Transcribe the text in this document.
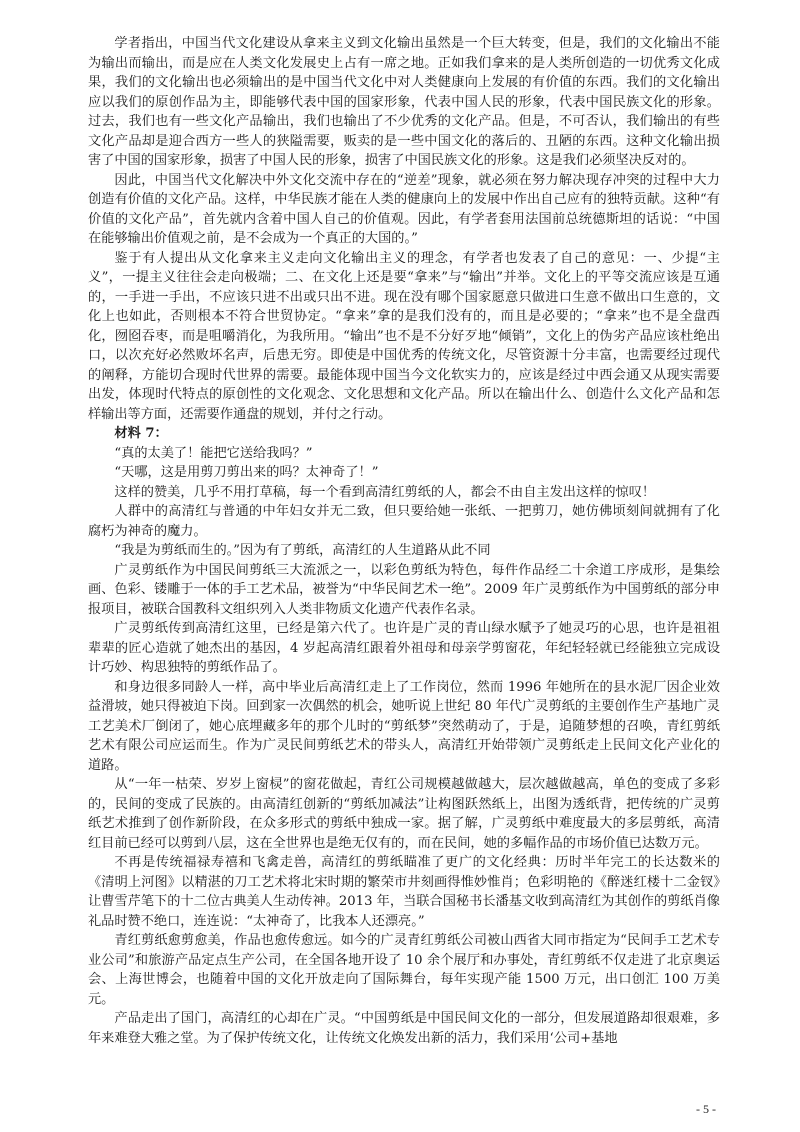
学者指出，中国当代文化建设从拿来主义到文化输出虽然是一个巨大转变，但是，我们的文化输出不能为输出而输出，而是应在人类文化发展史上占有一席之地。正如我们拿来的是人类所创造的一切优秀文化成果，我们的文化输出也必须输出的是中国当代文化中对人类健康向上发展的有价值的东西。我们的文化输出应以我们的原创作品为主，即能够代表中国的国家形象，代表中国人民的形象，代表中国民族文化的形象。过去，我们也有一些文化产品输出，我们也输出了不少优秀的文化产品。但是，不可否认，我们输出的有些文化产品却是迎合西方一些人的狭隘需要，贩卖的是一些中国文化的落后的、丑陋的东西。这种文化输出损害了中国的国家形象，损害了中国人民的形象，损害了中国民族文化的形象。这是我们必须坚决反对的。

因此，中国当代文化解决中外文化交流中存在的“逆差”现象，就必须在努力解决现存冲突的过程中大力创造有价值的文化产品。这样，中华民族才能在人类的健康向上的发展中作出自己应有的独特贡献。这种“有价值的文化产品”，首先就内含着中国人自己的价值观。因此，有学者套用法国前总统德斯坦的话说：“中国在能够输出价值观之前，是不会成为一个真正的大国的。”

鉴于有人提出从文化拿来主义走向文化输出主义的理念，有学者也发表了自己的意见：一、少提“主义”，一提主义往往会走向极端；二、在文化上还是要“拿来”与“输出”并举。文化上的平等交流应该是互通的，一手进一手出，不应该只进不出或只出不进。现在没有哪个国家愿意只做进口生意不做出口生意的，文化上也如此，否则根本不符合世贸协定。“拿来”拿的是我们没有的，而且是必要的；“拿来”也不是全盘西化，囫囵吞枣，而是咀嚼消化，为我所用。“输出”也不是不分好歹地“倾销”，文化上的伪劣产品应该杜绝出口，以次充好必然败坏名声，后患无穷。即使是中国优秀的传统文化，尽管资源十分丰富，也需要经过现代的阐释，方能切合现时代世界的需要。最能体现中国当今文化软实力的，应该是经过中西会通又从现实需要出发，体现时代特点的原创性的文化观念、文化思想和文化产品。所以在输出什么、创造什么文化产品和怎样输出等方面，还需要作通盘的规划，并付之行动。

材料 7：

“真的太美了！能把它送给我吗？”

“天哪，这是用剪刀剪出来的吗？太神奇了！”

这样的赞美，几乎不用打草稿，每一个看到高清红剪纸的人，都会不由自主发出这样的惊叹！

人群中的高清红与普通的中年妇女并无二致，但只要给她一张纸、一把剪刀，她仿佛顷刻间就拥有了化腐朽为神奇的魔力。

“我是为剪纸而生的。”因为有了剪纸，高清红的人生道路从此不同

广灵剪纸作为中国民间剪纸三大流派之一，以彩色剪纸为特色，每件作品经二十余道工序成形，是集绘画、色彩、镂雕于一体的手工艺术品，被誉为“中华民间艺术一绝”。2009 年广灵剪纸作为中国剪纸的部分申报项目，被联合国教科文组织列入人类非物质文化遗产代表作名录。

广灵剪纸传到高清红这里，已经是第六代了。也许是广灵的青山绿水赋予了她灵巧的心思，也许是祖祖辈辈的匠心造就了她杰出的基因，4 岁起高清红跟着外祖母和母亲学剪窗花，年纪轻轻就已经能独立完成设计巧妙、构思独特的剪纸作品了。

和身边很多同龄人一样，高中毕业后高清红走上了工作岗位，然而 1996 年她所在的县水泥厂因企业效益滑坡，她只得被迫下岗。回到家一次偶然的机会，她听说上世纪 80 年代广灵剪纸的主要创作生产基地广灵工艺美术厂倒闭了，她心底埋藏多年的那个儿时的“剪纸梦”突然萌动了，于是，追随梦想的召唤，青红剪纸艺术有限公司应运而生。作为广灵民间剪纸艺术的带头人，高清红开始带领广灵剪纸走上民间文化产业化的道路。

从“一年一枯荣、岁岁上窗棂”的窗花做起，青红公司规模越做越大，层次越做越高，单色的变成了多彩的，民间的变成了民族的。由高清红创新的“剪纸加减法”让构图跃然纸上，出图为透纸背，把传统的广灵剪纸艺术推到了创作新阶段，在众多形式的剪纸中独成一家。据了解，广灵剪纸中难度最大的多层剪纸，高清红目前已经可以剪到八层，这在全世界也是绝无仅有的，而在民间，她的多幅作品的市场价值已达数万元。

不再是传统福禄寿禧和飞禽走兽，高清红的剪纸瞄准了更广的文化经典：历时半年完工的长达数米的《清明上河图》以精湛的刀工艺术将北宋时期的繁荣市井刻画得惟妙惟肖；色彩明艳的《醉迷红楼十二金钗》让曹雪芹笔下的十二位古典美人生动传神。2013 年，当联合国秘书长潘基文收到高清红为其创作的剪纸肖像礼品时赞不绝口，连连说：“太神奇了，比我本人还漂亮。”

青红剪纸愈剪愈美，作品也愈传愈远。如今的广灵青红剪纸公司被山西省大同市指定为“民间手工艺术专业公司”和旅游产品定点生产公司，在全国各地开设了 10 余个展厅和办事处，青红剪纸不仅走进了北京奥运会、上海世博会，也随着中国的文化开放走向了国际舞台，每年实现产能 1500 万元，出口创汇 100 万美元。

产品走出了国门，高清红的心却在广灵。“中国剪纸是中国民间文化的一部分，但发展道路却很艰难，多年来难登大雅之堂。为了保护传统文化，让传统文化焕发出新的活力，我们采用‘公司+基地

- 5 -
